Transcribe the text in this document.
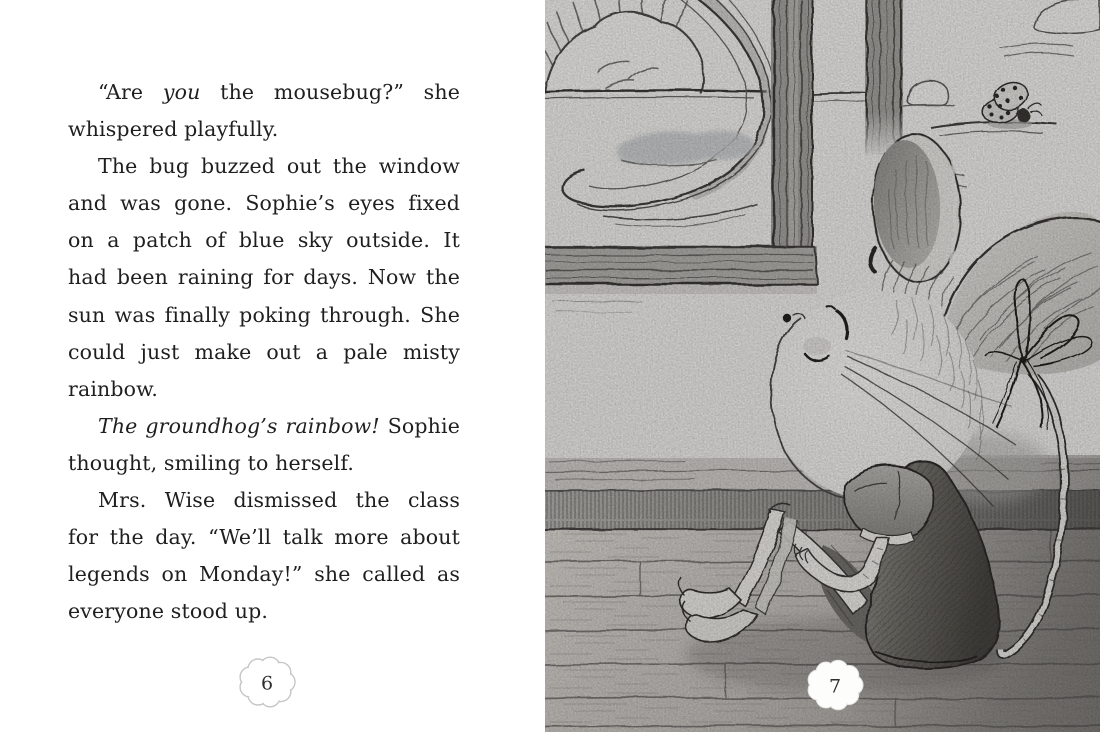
“Are you the mousebug?” she
whispered playfully.
The bug buzzed out the window
and was gone. Sophie’s eyes fixed
on a patch of blue sky outside. It
had been raining for days. Now the
sun was finally poking through. She
could just make out a pale misty
rainbow.
The groundhog’s rainbow! Sophie
thought, smiling to herself.
Mrs. Wise dismissed the class
for the day. “We’ll talk more about
legends on Monday!” she called as
everyone stood up.
6	7
